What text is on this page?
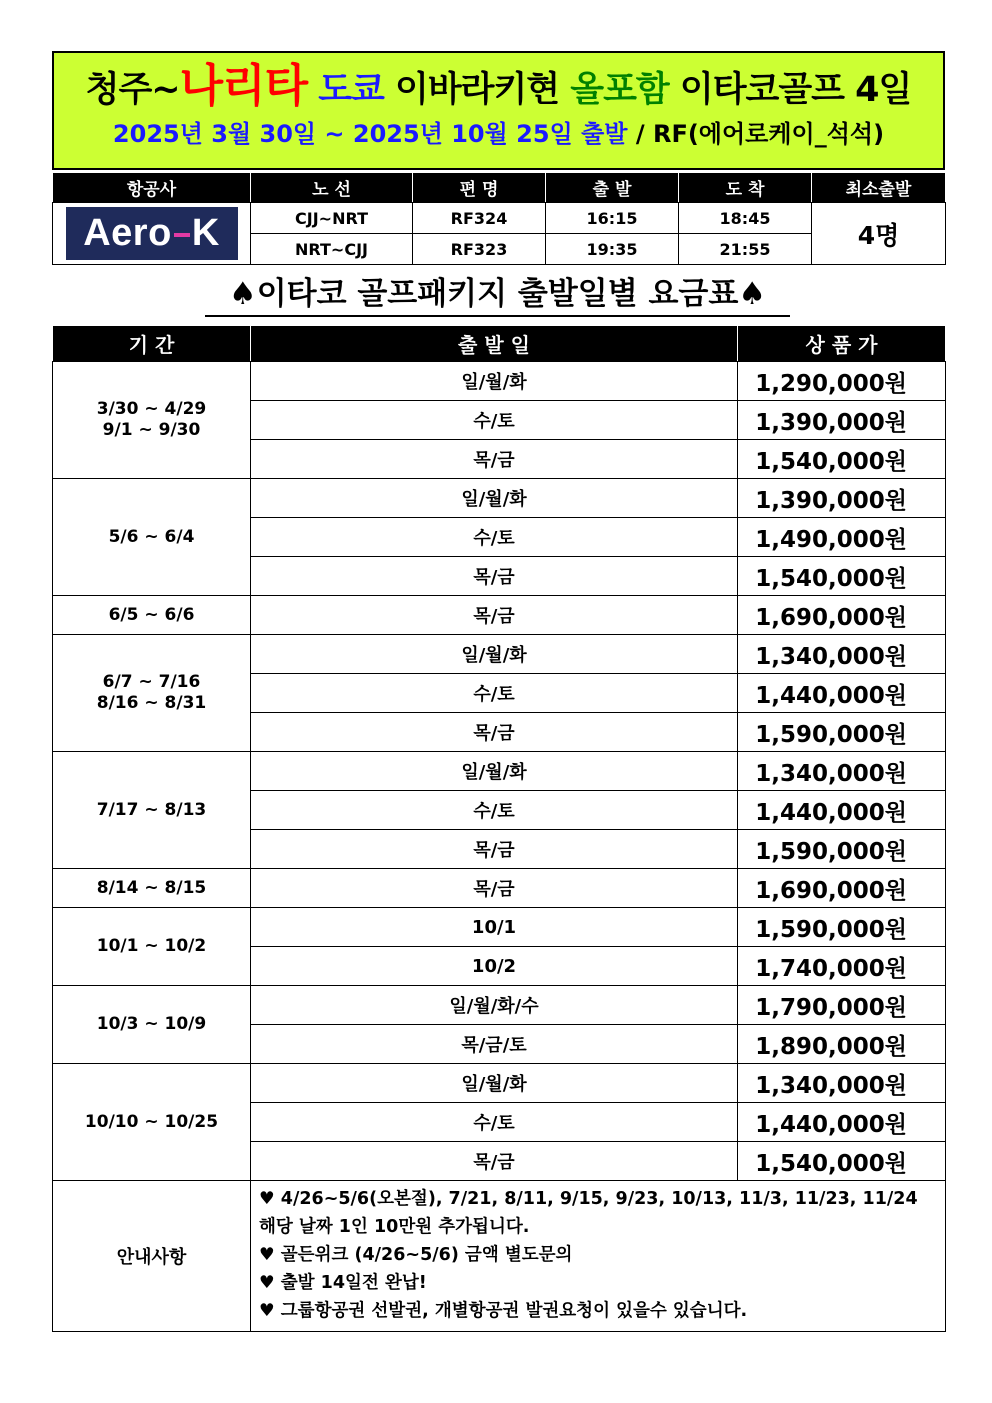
청주~나리타 도쿄 이바라키현 올포함 이타코골프 4일
2025년 3월 30일 ~ 2025년 10월 25일 출발 / RF(에어로케이_석석)
항공사	노 선	편 명	출 발	도 착	최소출발
Aero K	CJJ~NRT	RF324	16:15	18:45	4명
	NRT~CJJ	RF323	19:35	21:55	
♠이타코 골프패키지 출발일별 요금표♠
기 간	출 발 일	상 품 가

3/30 ~ 4/29
9/1 ~ 9/30	일/월/화	1,290,000원
	수/토	1,390,000원
	목/금	1,540,000원

5/6 ~ 6/4	일/월/화	1,390,000원
	수/토	1,490,000원
	목/금	1,540,000원

6/5 ~ 6/6	목/금	1,690,000원

6/7 ~ 7/16
8/16 ~ 8/31	일/월/화	1,340,000원
	수/토	1,440,000원
	목/금	1,590,000원

7/17 ~ 8/13	일/월/화	1,340,000원
	수/토	1,440,000원
	목/금	1,590,000원

8/14 ~ 8/15	목/금	1,690,000원

10/1 ~ 10/2	10/1	1,590,000원
	10/2	1,740,000원

10/3 ~ 10/9	일/월/화/수	1,790,000원
	목/금/토	1,890,000원

10/10 ~ 10/25	일/월/화	1,340,000원
	수/토	1,440,000원
	목/금	1,540,000원
안내사항	♥ 4/26~5/6(오본절), 7/21, 8/11, 9/15, 9/23, 10/13, 11/3, 11/23, 11/24
해당 날짜 1인 10만원 추가됩니다.
♥ 골든위크 (4/26~5/6) 금액 별도문의
♥ 출발 14일전 완납!
♥ 그룹항공권 선발권, 개별항공권 발권요청이 있을수 있습니다.	
